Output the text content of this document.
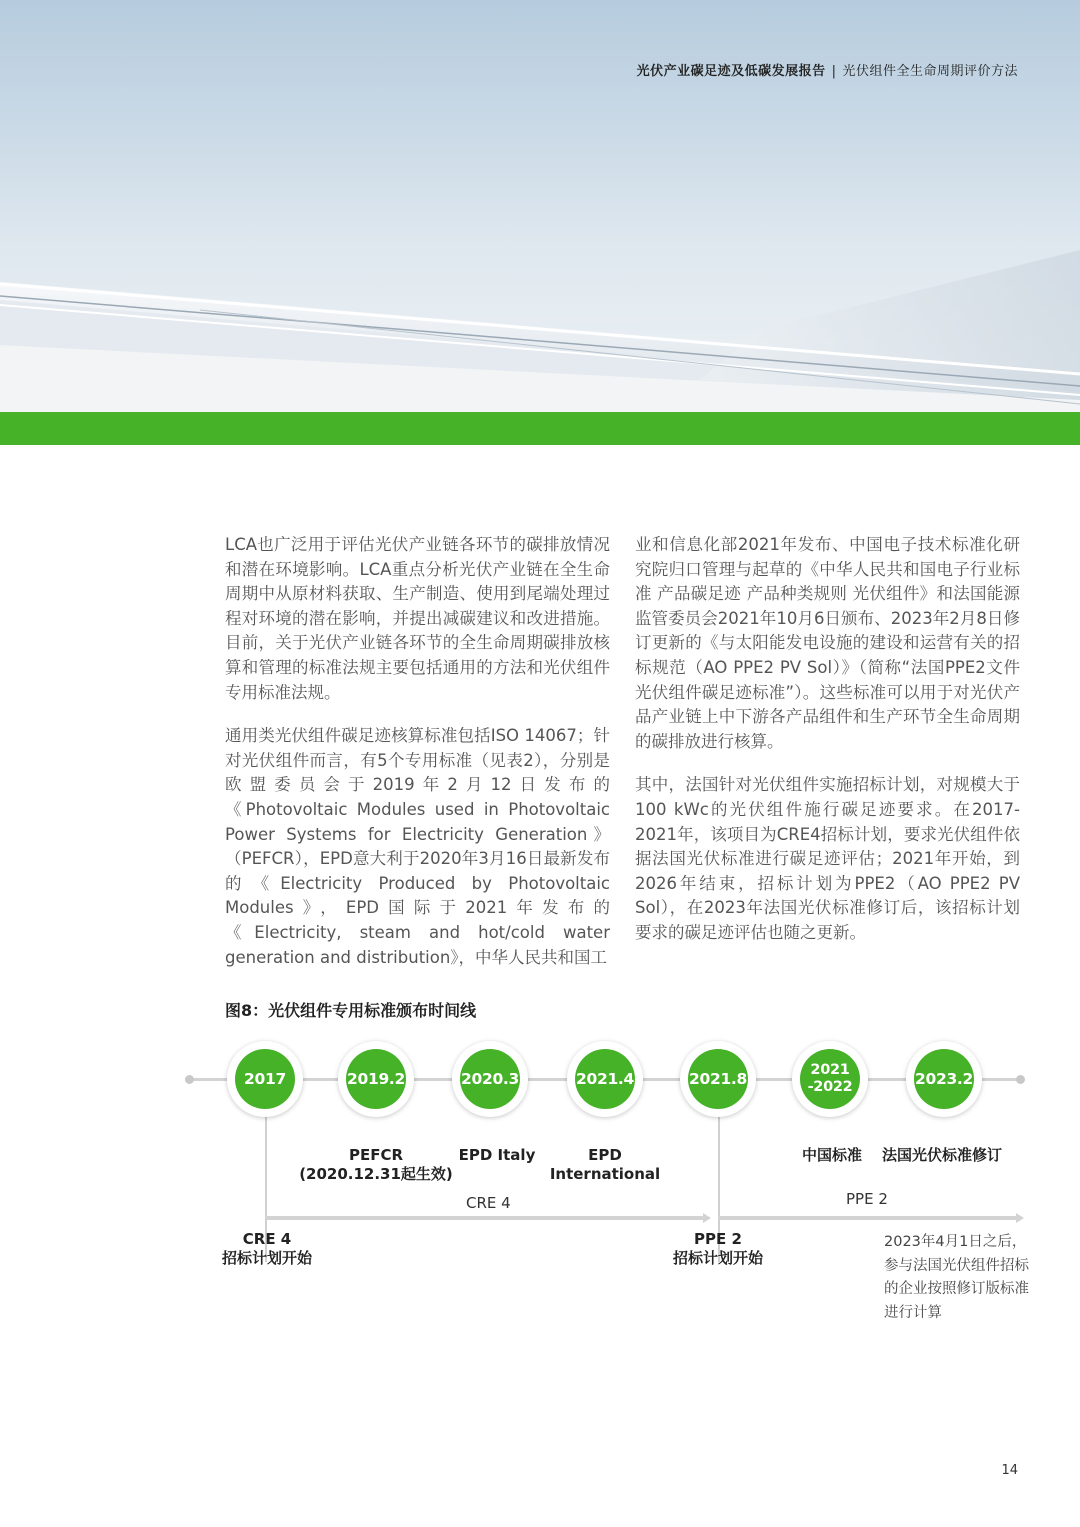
光伏产业碳足迹及低碳发展报告 | 光伏组件全生命周期评价方法

LCA也广泛用于评估光伏产业链各环节的碳排放情况和潜在环境影响。LCA重点分析光伏产业链在全生命周期中从原材料获取、生产制造、使用到尾端处理过程对环境的潜在影响，并提出减碳建议和改进措施。目前，关于光伏产业链各环节的全生命周期碳排放核算和管理的标准法规主要包括通用的方法和光伏组件专用标准法规。

通用类光伏组件碳足迹核算标准包括ISO 14067；针对光伏组件而言，有5个专用标准（见表2），分别是欧盟委员会于2019年2月12日发布的《Photovoltaic Modules used in Photovoltaic Power Systems for Electricity Generation》（PEFCR），EPD意大利于2020年3月16日最新发布的《Electricity Produced by Photovoltaic Modules》，EPD国际于2021年发布的《Electricity, steam and hot/cold water generation and distribution》，中华人民共和国工

业和信息化部2021年发布、中国电子技术标准化研究院归口管理与起草的《中华人民共和国电子行业标准 产品碳足迹 产品种类规则 光伏组件》和法国能源监管委员会2021年10月6日颁布、2023年2月8日修订更新的《与太阳能发电设施的建设和运营有关的招标规范（AO PPE2 PV Sol）》（简称“法国PPE2文件光伏组件碳足迹标准”）。这些标准可以用于对光伏产品产业链上中下游各产品组件和生产环节全生命周期的碳排放进行核算。

其中，法国针对光伏组件实施招标计划，对规模大于100 kWc的光伏组件施行碳足迹要求。在2017-2021年，该项目为CRE4招标计划，要求光伏组件依据法国光伏标准进行碳足迹评估；2021年开始，到2026年结束，招标计划为PPE2（AO PPE2 PV Sol），在2023年法国光伏标准修订后，该招标计划要求的碳足迹评估也随之更新。

图8：光伏组件专用标准颁布时间线
2017	2019.2	2020.3	2021.4	2021.8	2021
-2022	2023.2
PEFCR
(2020.12.31起生效)
EPD Italy	EPD
International
中国标准	法国光伏标准修订
CRE 4	PPE 2
CRE 4
招标计划开始
PPE 2
招标计划开始
2023年4月1日之后，参与法国光伏组件招标的企业按照修订版标准进行计算
14
